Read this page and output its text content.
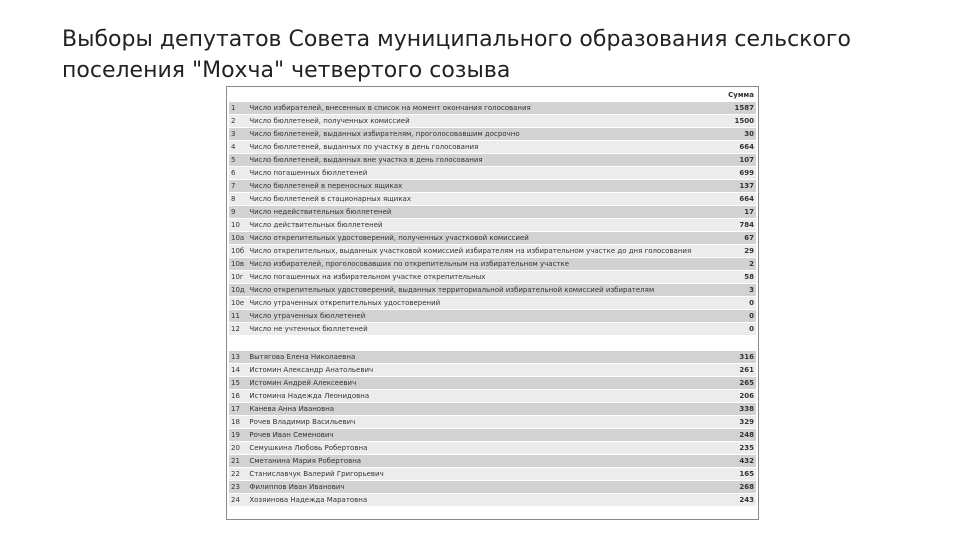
Выборы депутатов Совета муниципального образования сельского
поселения "Мохча" четвертого созыва
		Сумма
1	Число избирателей, внесенных в список на момент окончания голосования	1587
2	Число бюллетеней, полученных комиссией	1500
3	Число бюллетеней, выданных избирателям, проголосовавшим досрочно	30
4	Число бюллетеней, выданных по участку в день голосования	664
5	Число бюллетеней, выданных вне участка в день голосования	107
6	Число погашенных бюллетеней	699
7	Число бюллетеней в переносных ящиках	137
8	Число бюллетеней в стационарных ящиках	664
9	Число недействительных бюллетеней	17
10	Число действительных бюллетеней	784
10а	Число открепительных удостоверений, полученных участковой комиссией	67
10б	Число открепительных, выданных участковой комиссией избирателям на избирательном участке до дня голосования	29
10в	Число избирателей, проголосовавших по открепительным на избирательном участке	2
10г	Число погашенных на избирательном участке открепительных	58
10д	Число открепительных удостоверений, выданных территориальной избирательной комиссией избирателям	3
10е	Число утраченных открепительных удостоверений	0
11	Число утраченных бюллетеней	0
12	Число не учтенных бюллетеней	0

13	Вытягова Елена Николаевна	316
14	Истомин Александр Анатольевич	261
15	Истомин Андрей Алексеевич	265
16	Истомина Надежда Леонидовна	206
17	Канева Анна Ивановна	338
18	Рочев Владимир Васильевич	329
19	Рочев Иван Семенович	248
20	Семушкина Любовь Робертовна	235
21	Сметанина Мария Робертовна	432
22	Станиславчук Валерий Григорьевич	165
23	Филиппов Иван Иванович	268
24	Хозяинова Надежда Маратовна	243
